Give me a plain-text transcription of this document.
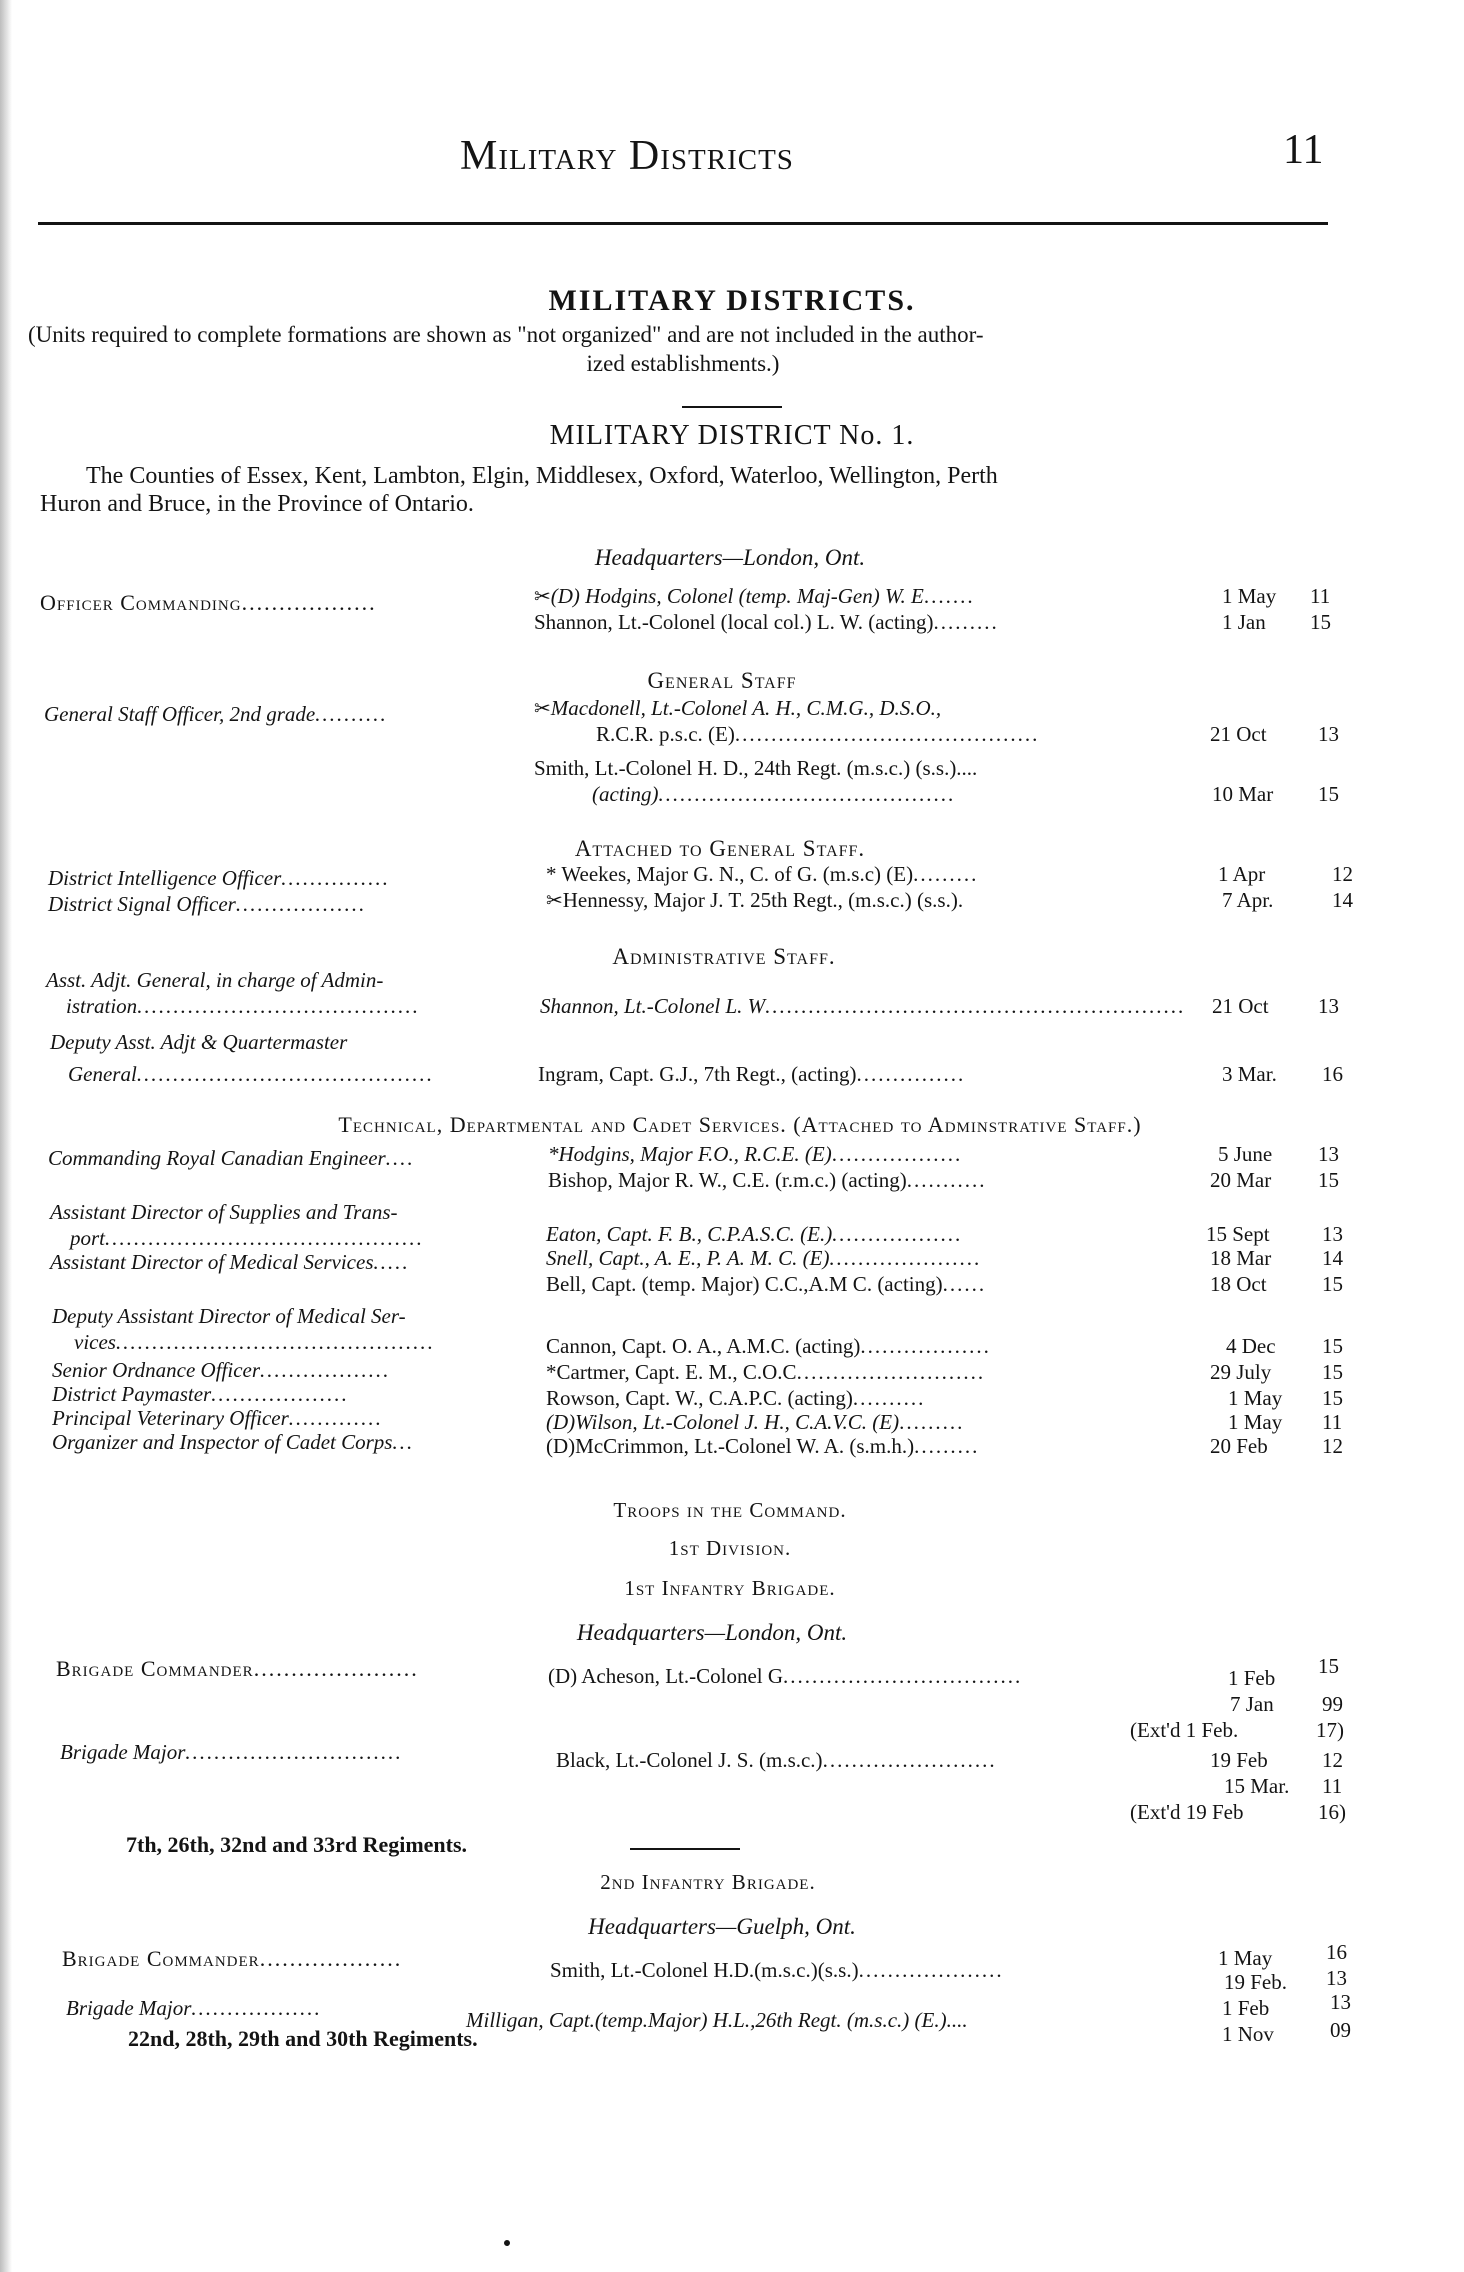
Military Districts	11
MILITARY DISTRICTS.
(Units required to complete formations are shown as "not organized" and are not included in the author-
ized establishments.)
MILITARY DISTRICT No. 1.
The Counties of Essex, Kent, Lambton, Elgin, Middlesex, Oxford, Waterloo, Wellington, Perth
Huron and Bruce, in the Province of Ontario.
Headquarters—London, Ont.
Officer Commanding..................	✂(D) Hodgins, Colonel (temp. Maj-Gen) W. E.......	1 May 11
Shannon, Lt.-Colonel (local col.) L. W. (acting).........	1 Jan 15
General Staff
General Staff Officer, 2nd grade..........	✂Macdonell, Lt.-Colonel A. H., C.M.G., D.S.O.,
R.C.R. p.s.c. (E)..........................................	21 Oct 13
Smith, Lt.-Colonel H. D., 24th Regt. (m.s.c.) (s.s.)....
(acting).........................................	10 Mar 15
Attached to General Staff.
District Intelligence Officer...............	* Weekes, Major G. N., C. of G. (m.s.c) (E).........	1 Apr	12
District Signal Officer..................	✂Hennessy, Major J. T. 25th Regt., (m.s.c.) (s.s.).	7 Apr.	14
Administrative Staff.
Asst. Adjt. General, in charge of Admin-
istration.......................................	Shannon, Lt.-Colonel L. W.......................................................... 21 Oct 13
Deputy Asst. Adjt & Quartermaster
General.........................................	Ingram, Capt. G.J., 7th Regt., (acting)...............	3 Mar. 16
Technical, Departmental and Cadet Services. (Attached to Adminstrative Staff.)
Commanding Royal Canadian Engineer....	*Hodgins, Major F.O., R.C.E. (E)..................	5 June 13
Bishop, Major R. W., C.E. (r.m.c.) (acting)...........	20 Mar 15
Assistant Director of Supplies and Trans-
port............................................	Eaton, Capt. F. B., C.P.A.S.C. (E.)..................	15 Sept 13
Assistant Director of Medical Services.....	Snell, Capt., A. E., P. A. M. C. (E).....................	18 Mar 14
Bell, Capt. (temp. Major) C.C.,A.M C. (acting)......	18 Oct	15
Deputy Assistant Director of Medical Ser-
vices............................................	Cannon, Capt. O. A., A.M.C. (acting)..................	4 Dec 15
Senior Ordnance Officer..................	*Cartmer, Capt. E. M., C.O.C..........................	29 July 15
District Paymaster...................	Rowson, Capt. W., C.A.P.C. (acting)..........	1 May 15
Principal Veterinary Officer.............	(D)Wilson, Lt.-Colonel J. H., C.A.V.C. (E).........	1 May 11
Organizer and Inspector of Cadet Corps...	(D)McCrimmon, Lt.-Colonel W. A. (s.m.h.).........	20 Feb	12
Troops in the Command.
1st Division.
1st Infantry Brigade.
Headquarters—London, Ont.
Brigade Commander......................	(D) Acheson, Lt.-Colonel G.................................	1 Feb 15
7 Jan 99
(Ext'd 1 Feb.	17)
Brigade Major..............................	Black, Lt.-Colonel J. S. (m.s.c.)........................	19 Feb	12
15 Mar. 11
(Ext'd 19 Feb	16)
7th, 26th, 32nd and 33rd Regiments.
2nd Infantry Brigade.
Headquarters—Guelph, Ont.
Brigade Commander...................	Smith, Lt.-Colonel H.D.(m.s.c.)(s.s.)....................	1 May	16
19 Feb. 13
Brigade Major..................	Milligan, Capt.(temp.Major) H.L.,26th Regt. (m.s.c.) (E.)....	1 Feb	13
1 Nov	09
22nd, 28th, 29th and 30th Regiments.
